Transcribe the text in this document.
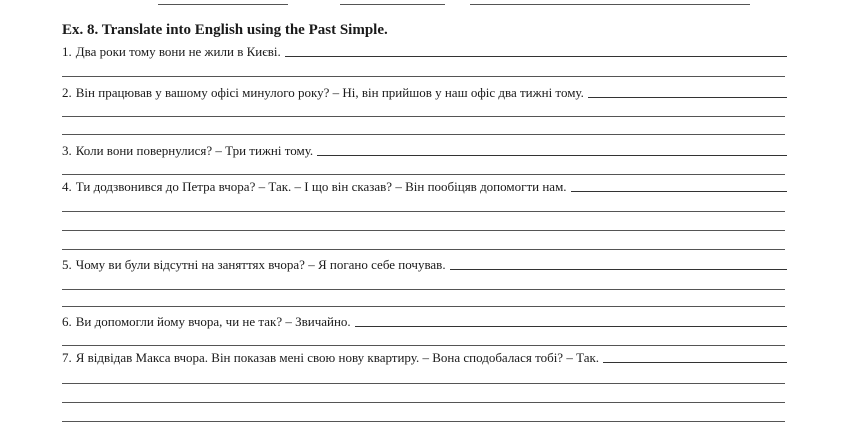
Ex. 8. Translate into English using the Past Simple.
1. Два роки тому вони не жили в Києві.
2. Він працював у вашому офісі минулого року? – Ні, він прийшов у наш офіс два тижні тому.
3. Коли вони повернулися? – Три тижні тому.
4. Ти додзвонився до Петра вчора? – Так. – І що він сказав? – Він пообіцяв допомогти нам.
5. Чому ви були відсутні на заняттях вчора? – Я погано себе почував.
6. Ви допомогли йому вчора, чи не так? – Звичайно.
7. Я відвідав Макса вчора. Він показав мені свою нову квартиру. – Вона сподобалася тобі? – Так.
